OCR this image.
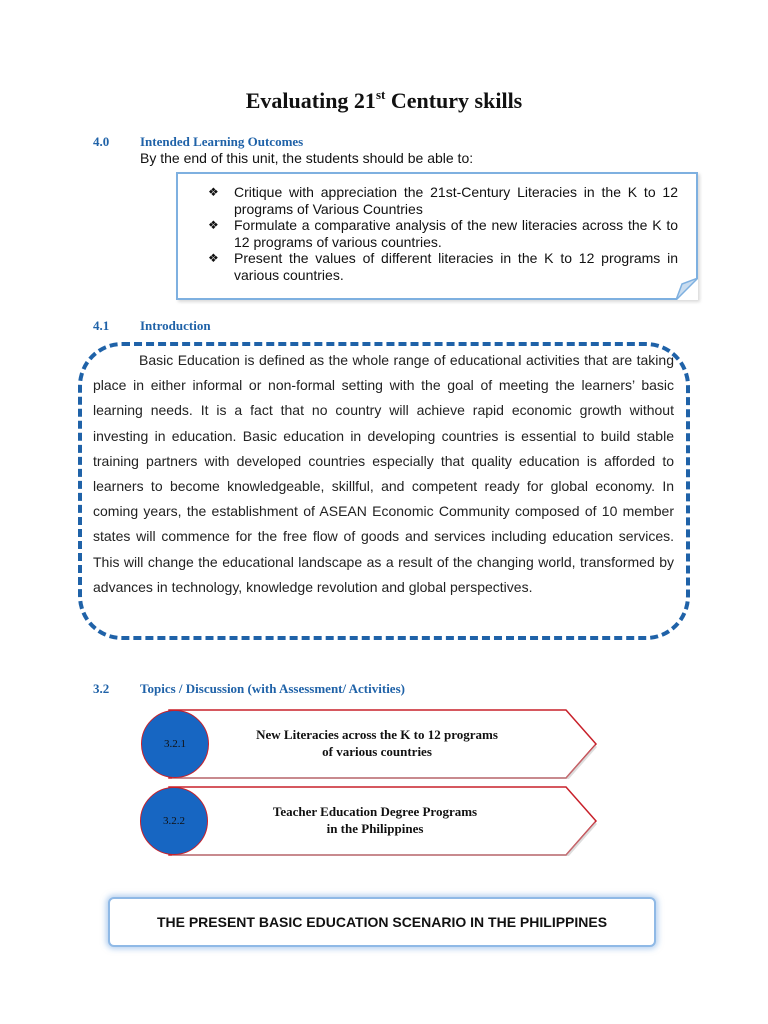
Evaluating 21st Century skills
4.0 Intended Learning Outcomes
By the end of this unit, the students should be able to:
❖ Critique with appreciation the 21st-Century Literacies in the K to 12 programs of Various Countries
❖ Formulate a comparative analysis of the new literacies across the K to 12 programs of various countries.
❖ Present the values of different literacies in the K to 12 programs in various countries.
4.1 Introduction

Basic Education is defined as the whole range of educational activities that are taking place in either informal or non-formal setting with the goal of meeting the learners’ basic learning needs. It is a fact that no country will achieve rapid economic growth without investing in education. Basic education in developing countries is essential to build stable training partners with developed countries especially that quality education is afforded to learners to become knowledgeable, skillful, and competent ready for global economy. In coming years, the establishment of ASEAN Economic Community composed of 10 member states will commence for the free flow of goods and services including education services. This will change the educational landscape as a result of the changing world, transformed by advances in technology, knowledge revolution and global perspectives.

3.2 Topics / Discussion (with Assessment/ Activities)
3.2.1
New Literacies across the K to 12 programs
of various countries
3.2.2
Teacher Education Degree Programs
in the Philippines
THE PRESENT BASIC EDUCATION SCENARIO IN THE PHILIPPINES
